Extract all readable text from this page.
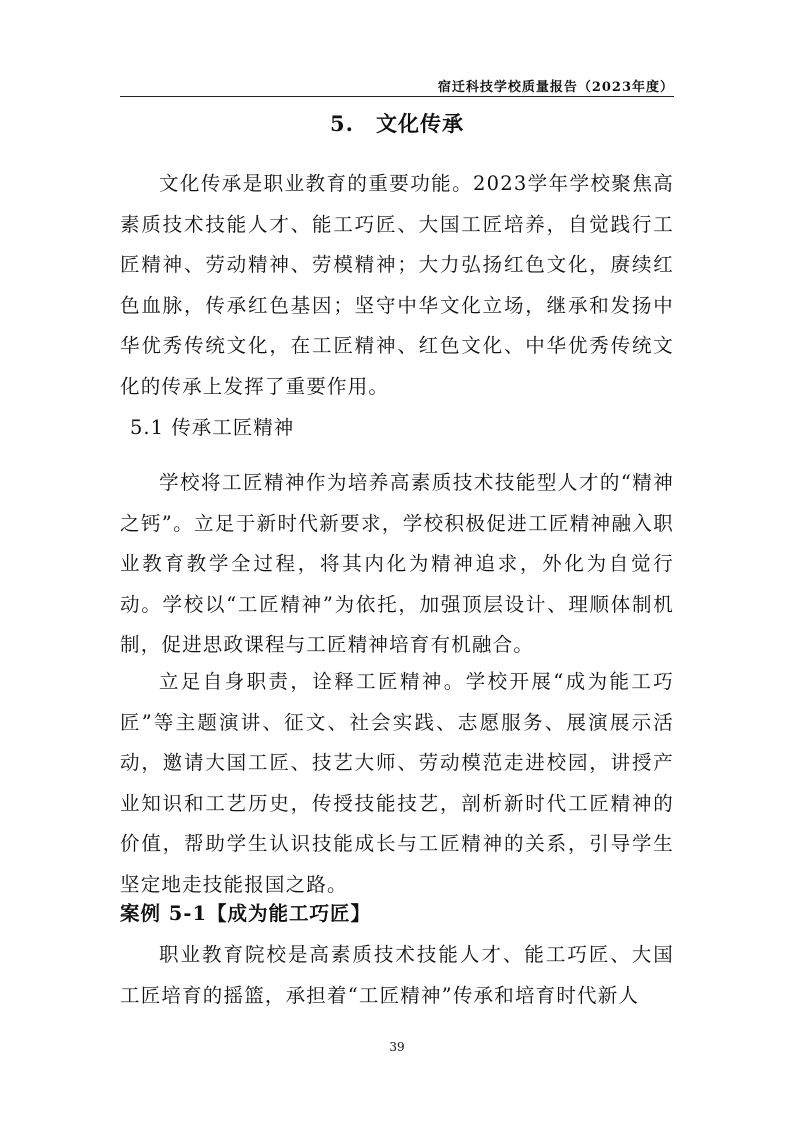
宿迁科技学校质量报告（2023年度）
5. 文化传承

文化传承是职业教育的重要功能。2023学年学校聚焦高素质技术技能人才、能工巧匠、大国工匠培养，自觉践行工匠精神、劳动精神、劳模精神；大力弘扬红色文化，赓续红色血脉，传承红色基因；坚守中华文化立场，继承和发扬中华优秀传统文化，在工匠精神、红色文化、中华优秀传统文化的传承上发挥了重要作用。

5.1 传承工匠精神

学校将工匠精神作为培养高素质技术技能型人才的“精神之钙”。立足于新时代新要求，学校积极促进工匠精神融入职业教育教学全过程，将其内化为精神追求，外化为自觉行动。学校以“工匠精神”为依托，加强顶层设计、理顺体制机制，促进思政课程与工匠精神培育有机融合。

立足自身职责，诠释工匠精神。学校开展“成为能工巧匠”等主题演讲、征文、社会实践、志愿服务、展演展示活动，邀请大国工匠、技艺大师、劳动模范走进校园，讲授产业知识和工艺历史，传授技能技艺，剖析新时代工匠精神的价值，帮助学生认识技能成长与工匠精神的关系，引导学生坚定地走技能报国之路。

案例 5-1【成为能工巧匠】

职业教育院校是高素质技术技能人才、能工巧匠、大国工匠培育的摇篮，承担着“工匠精神”传承和培育时代新人

39
